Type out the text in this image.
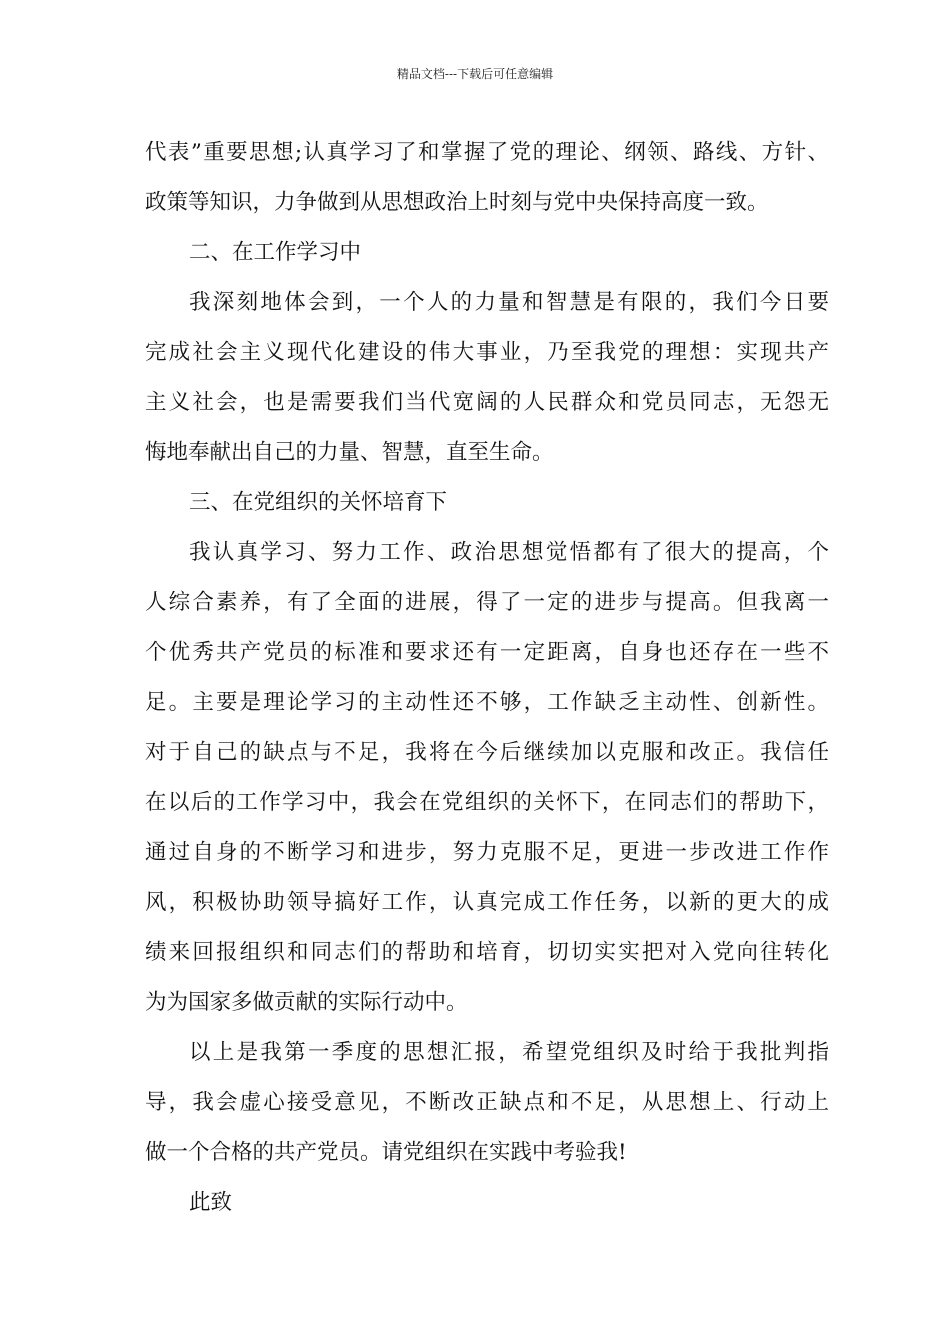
精品文档---下载后可任意编辑
代表”重要思想;认真学习了和掌握了党的理论、纲领、路线、方针、
政策等知识，力争做到从思想政治上时刻与党中央保持高度一致。
二、在工作学习中
我深刻地体会到，一个人的力量和智慧是有限的，我们今日要
完成社会主义现代化建设的伟大事业，乃至我党的理想：实现共产
主义社会，也是需要我们当代宽阔的人民群众和党员同志，无怨无
悔地奉献出自己的力量、智慧，直至生命。
三、在党组织的关怀培育下
我认真学习、努力工作、政治思想觉悟都有了很大的提高，个
人综合素养，有了全面的进展，得了一定的进步与提高。但我离一
个优秀共产党员的标准和要求还有一定距离，自身也还存在一些不
足。主要是理论学习的主动性还不够，工作缺乏主动性、创新性。
对于自己的缺点与不足，我将在今后继续加以克服和改正。我信任
在以后的工作学习中，我会在党组织的关怀下，在同志们的帮助下，
通过自身的不断学习和进步，努力克服不足，更进一步改进工作作
风，积极协助领导搞好工作，认真完成工作任务，以新的更大的成
绩来回报组织和同志们的帮助和培育，切切实实把对入党向往转化
为为国家多做贡献的实际行动中。
以上是我第一季度的思想汇报，希望党组织及时给于我批判指
导，我会虚心接受意见，不断改正缺点和不足，从思想上、行动上
做一个合格的共产党员。请党组织在实践中考验我!
此致
